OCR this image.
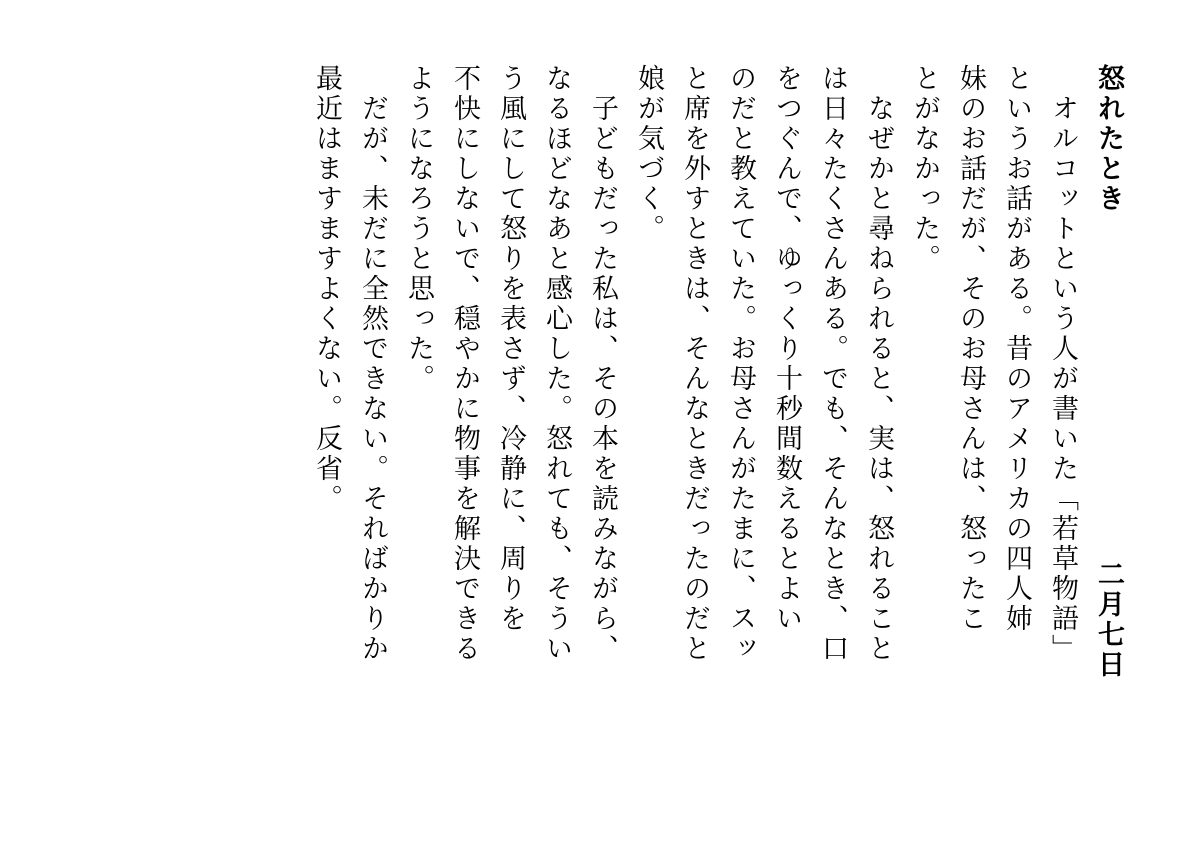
怒れたとき
オルコットという人が書いた「若草物語」
というお話がある。昔のアメリカの四人姉
妹のお話だが、そのお母さんは、怒ったこ
とがなかった。
なぜかと尋ねられると、実は、怒れること
は日々たくさんある。でも、そんなとき、口
をつぐんで、ゆっくり十秒間数えるとよい
のだと教えていた。お母さんがたまに、スッ
と席を外すときは、そんなときだったのだと
娘が気づく。
子どもだった私は、その本を読みながら、
なるほどなあと感心した。怒れても、そうい
う風にして怒りを表さず、冷静に、周りを
不快にしないで、穏やかに物事を解決できる
ようになろうと思った。
だが、未だに全然できない。そればかりか
最近はますますよくない。反省。
二月七日
